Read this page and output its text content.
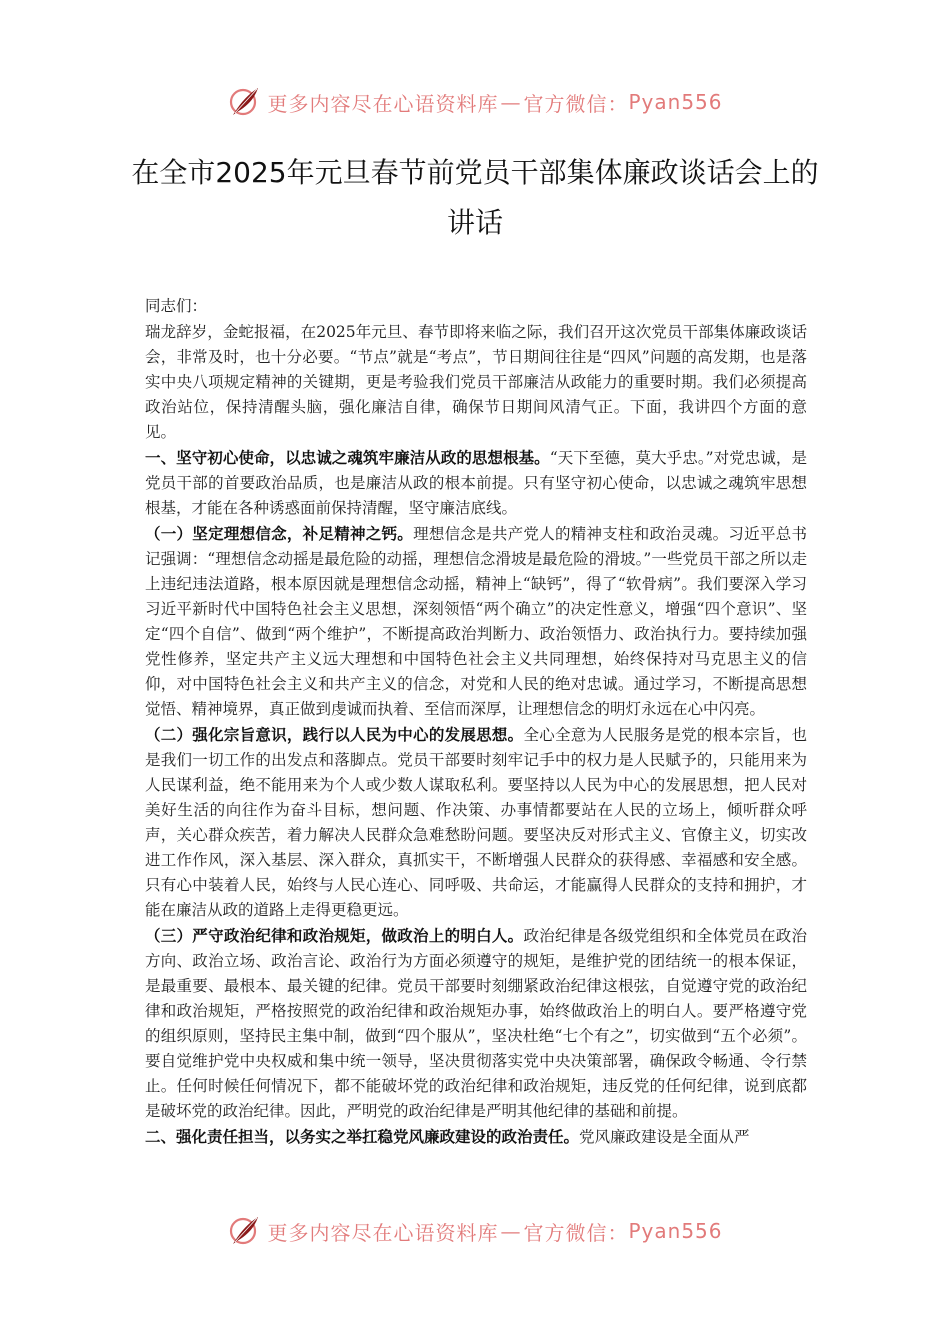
更多内容尽在心语资料库 — 官方微信： Pyan556
在全市2025年元旦春节前党员干部集体廉政谈话会上的讲话

同志们：

瑞龙辞岁，金蛇报福，在2025年元旦、春节即将来临之际，我们召开这次党员干部集体廉政谈话会，非常及时，也十分必要。“节点”就是“考点”，节日期间往往是“四风”问题的高发期，也是落实中央八项规定精神的关键期，更是考验我们党员干部廉洁从政能力的重要时期。我们必须提高政治站位，保持清醒头脑，强化廉洁自律，确保节日期间风清气正。下面，我讲四个方面的意见。

一、坚守初心使命，以忠诚之魂筑牢廉洁从政的思想根基。“天下至德，莫大乎忠。”对党忠诚，是党员干部的首要政治品质，也是廉洁从政的根本前提。只有坚守初心使命，以忠诚之魂筑牢思想根基，才能在各种诱惑面前保持清醒，坚守廉洁底线。

（一）坚定理想信念，补足精神之钙。理想信念是共产党人的精神支柱和政治灵魂。习近平总书记强调：“理想信念动摇是最危险的动摇，理想信念滑坡是最危险的滑坡。”一些党员干部之所以走上违纪违法道路，根本原因就是理想信念动摇，精神上“缺钙”，得了“软骨病”。我们要深入学习习近平新时代中国特色社会主义思想，深刻领悟“两个确立”的决定性意义，增强“四个意识”、坚定“四个自信”、做到“两个维护”，不断提高政治判断力、政治领悟力、政治执行力。要持续加强党性修养，坚定共产主义远大理想和中国特色社会主义共同理想，始终保持对马克思主义的信仰，对中国特色社会主义和共产主义的信念，对党和人民的绝对忠诚。通过学习，不断提高思想觉悟、精神境界，真正做到虔诚而执着、至信而深厚，让理想信念的明灯永远在心中闪亮。

（二）强化宗旨意识，践行以人民为中心的发展思想。全心全意为人民服务是党的根本宗旨，也是我们一切工作的出发点和落脚点。党员干部要时刻牢记手中的权力是人民赋予的，只能用来为人民谋利益，绝不能用来为个人或少数人谋取私利。要坚持以人民为中心的发展思想，把人民对美好生活的向往作为奋斗目标，想问题、作决策、办事情都要站在人民的立场上，倾听群众呼声，关心群众疾苦，着力解决人民群众急难愁盼问题。要坚决反对形式主义、官僚主义，切实改进工作作风，深入基层、深入群众，真抓实干，不断增强人民群众的获得感、幸福感和安全感。只有心中装着人民，始终与人民心连心、同呼吸、共命运，才能赢得人民群众的支持和拥护，才能在廉洁从政的道路上走得更稳更远。

（三）严守政治纪律和政治规矩，做政治上的明白人。政治纪律是各级党组织和全体党员在政治方向、政治立场、政治言论、政治行为方面必须遵守的规矩，是维护党的团结统一的根本保证，是最重要、最根本、最关键的纪律。党员干部要时刻绷紧政治纪律这根弦，自觉遵守党的政治纪律和政治规矩，严格按照党的政治纪律和政治规矩办事，始终做政治上的明白人。要严格遵守党的组织原则，坚持民主集中制，做到“四个服从”，坚决杜绝“七个有之”，切实做到“五个必须”。要自觉维护党中央权威和集中统一领导，坚决贯彻落实党中央决策部署，确保政令畅通、令行禁止。任何时候任何情况下，都不能破坏党的政治纪律和政治规矩，违反党的任何纪律，说到底都是破坏党的政治纪律。因此，严明党的政治纪律是严明其他纪律的基础和前提。

二、强化责任担当，以务实之举扛稳党风廉政建设的政治责任。党风廉政建设是全面从严

更多内容尽在心语资料库 — 官方微信： Pyan556
